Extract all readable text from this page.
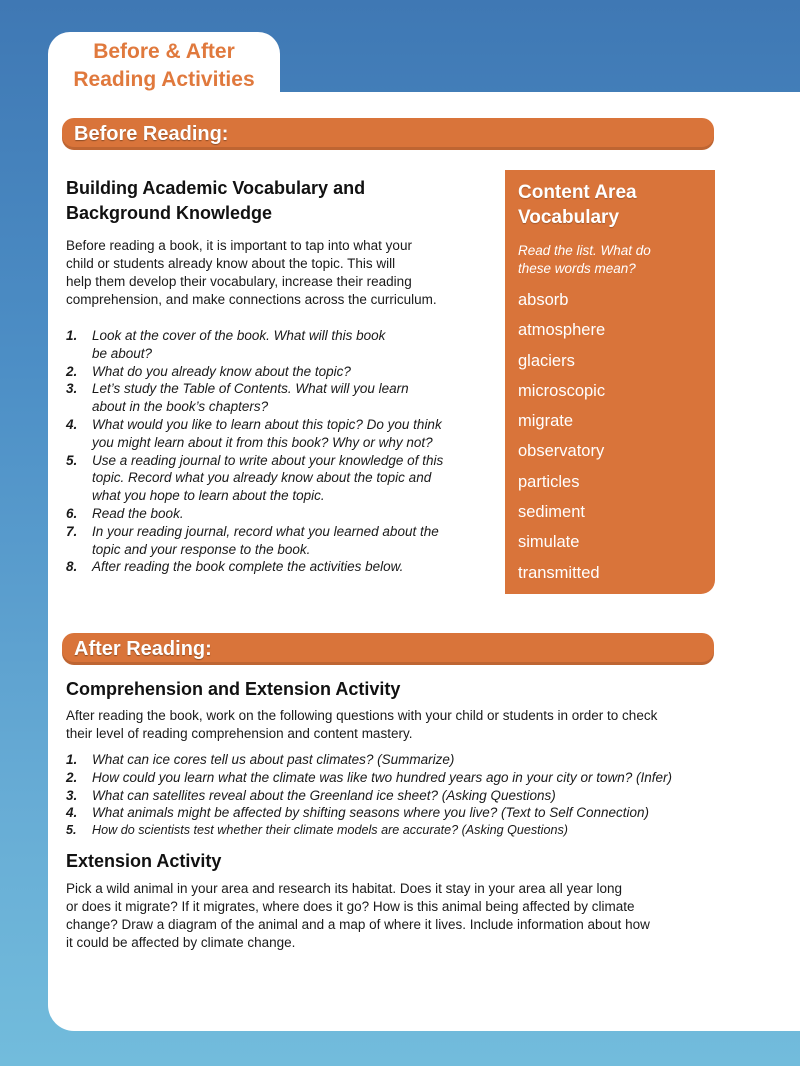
Before & After
Reading Activities
Before Reading:
Building Academic Vocabulary and
Background Knowledge
Before reading a book, it is important to tap into what your
child or students already know about the topic. This will
help them develop their vocabulary, increase their reading
comprehension, and make connections across the curriculum.
1. Look at the cover of the book. What will this book
be about?
2. What do you already know about the topic?
3. Let’s study the Table of Contents. What will you learn
about in the book’s chapters?
4. What would you like to learn about this topic? Do you think
you might learn about it from this book? Why or why not?
5. Use a reading journal to write about your knowledge of this
topic. Record what you already know about the topic and
what you hope to learn about the topic.
6. Read the book.
7. In your reading journal, record what you learned about the
topic and your response to the book.
8. After reading the book complete the activities below.
Content Area
Vocabulary
Read the list. What do
these words mean?
absorb
atmosphere
glaciers
microscopic
migrate
observatory
particles
sediment
simulate
transmitted
After Reading:
Comprehension and Extension Activity
After reading the book, work on the following questions with your child or students in order to check
their level of reading comprehension and content mastery.
1. What can ice cores tell us about past climates? (Summarize)
2. How could you learn what the climate was like two hundred years ago in your city or town? (Infer)
3. What can satellites reveal about the Greenland ice sheet? (Asking Questions)
4. What animals might be affected by shifting seasons where you live? (Text to Self Connection)
5. How do scientists test whether their climate models are accurate? (Asking Questions)
Extension Activity
Pick a wild animal in your area and research its habitat. Does it stay in your area all year long
or does it migrate? If it migrates, where does it go? How is this animal being affected by climate
change? Draw a diagram of the animal and a map of where it lives. Include information about how
it could be affected by climate change.
